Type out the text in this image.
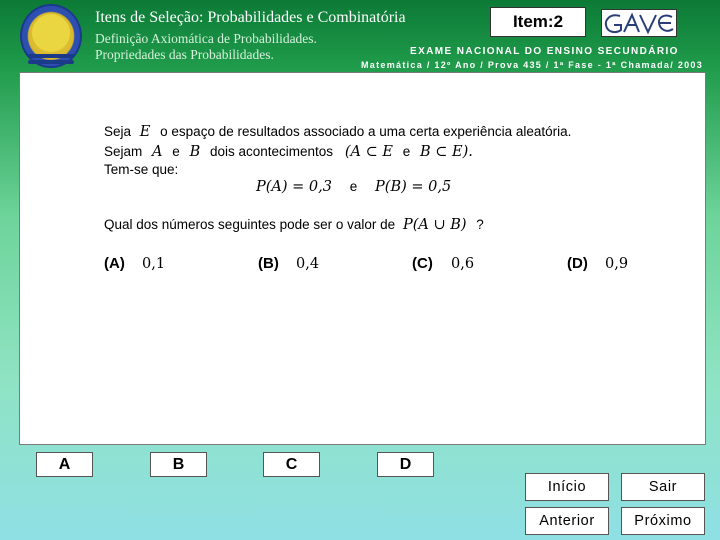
Itens de Seleção: Probabilidades e Combinatória
Definição Axiomática de Probabilidades.
Propriedades das Probabilidades.
Item:2
EXAME NACIONAL DO ENSINO SECUNDÁRIO
Matemática / 12º Ano / Prova 435 / 1ª Fase - 1ª Chamada/ 2003
Seja E o espaço de resultados associado a uma certa experiência aleatória.
Sejam A e B dois acontecimentos (A ⊂ E e B ⊂ E).
Tem-se que:
P(A) = 0,3 e P(B) = 0,5
Qual dos números seguintes pode ser o valor de P(A ∪ B) ?
(A) 0,1	(B) 0,4	(C) 0,6	(D) 0,9
A	B	C	D
Início	Sair
Anterior	Próximo
